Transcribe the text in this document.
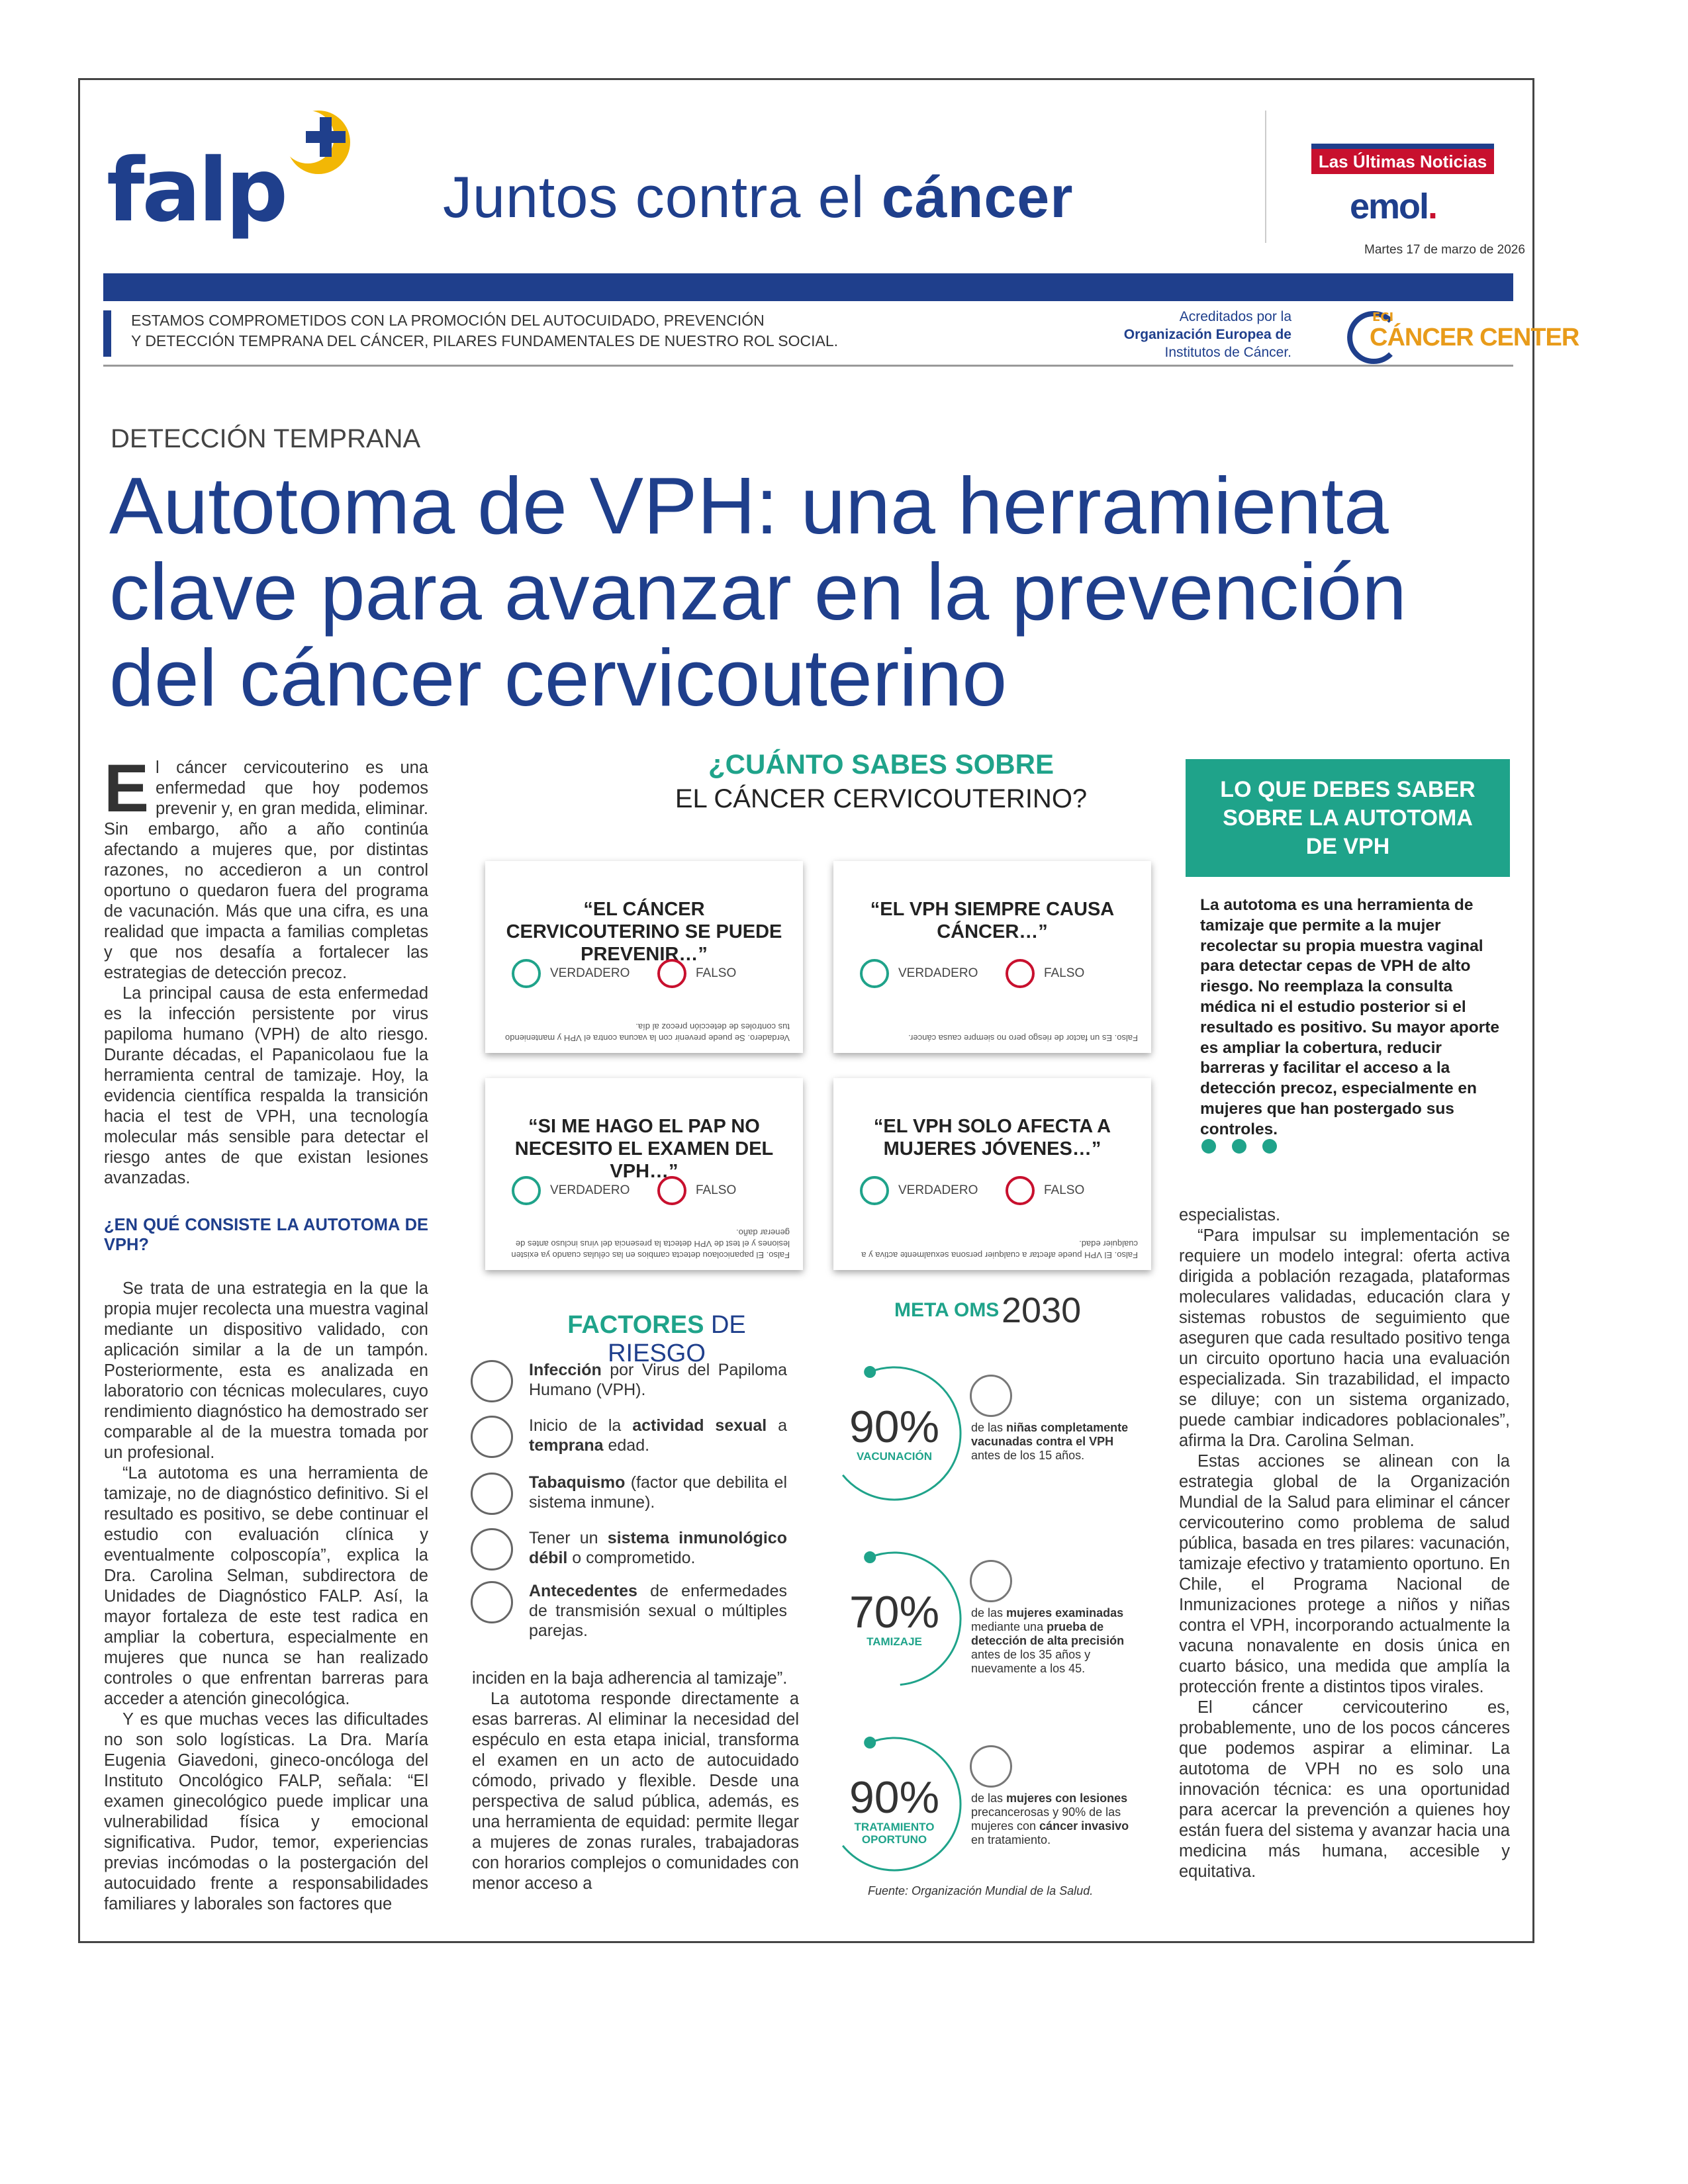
falp	Juntos contra el cáncer
Las Últimas Noticias
emol.
Martes 17 de marzo de 2026
ESTAMOS COMPROMETIDOS CON LA PROMOCIÓN DEL AUTOCUIDADO, PREVENCIÓN
Y DETECCIÓN TEMPRANA DEL CÁNCER, PILARES FUNDAMENTALES DE NUESTRO ROL SOCIAL.
Acreditados por la
Organización Europea de
Institutos de Cáncer.
ECI
CÁNCER CENTER
DETECCIÓN TEMPRANA
Autotoma de VPH: una herramienta clave para avanzar en la prevención del cáncer cervicouterino

El cáncer cervicouterino es una enfermedad que hoy podemos prevenir y, en gran medida, eliminar. Sin embargo, año a año continúa afectando a mujeres que, por distintas razones, no accedieron a un control oportuno o quedaron fuera del programa de vacunación. Más que una cifra, es una realidad que impacta a familias completas y que nos desafía a fortalecer las estrategias de detección precoz.

La principal causa de esta enfermedad es la infección persistente por virus papiloma humano (VPH) de alto riesgo. Durante décadas, el Papanicolaou fue la herramienta central de tamizaje. Hoy, la evidencia científica respalda la transición hacia el test de VPH, una tecnología molecular más sensible para detectar el riesgo antes de que existan lesiones avanzadas.

¿EN QUÉ CONSISTE LA AUTOTOMA DE VPH?

Se trata de una estrategia en la que la propia mujer recolecta una muestra vaginal mediante un dispositivo validado, con aplicación similar a la de un tampón. Posteriormente, esta es analizada en laboratorio con técnicas moleculares, cuyo rendimiento diagnóstico ha demostrado ser comparable al de la muestra tomada por un profesional.

“La autotoma es una herramienta de tamizaje, no de diagnóstico definitivo. Si el resultado es positivo, se debe continuar el estudio con evaluación clínica y eventualmente colposcopía”, explica la Dra. Carolina Selman, subdirectora de Unidades de Diagnóstico FALP. Así, la mayor fortaleza de este test radica en ampliar la cobertura, especialmente en mujeres que nunca se han realizado controles o que enfrentan barreras para acceder a atención ginecológica.

Y es que muchas veces las dificultades no son solo logísticas. La Dra. María Eugenia Giavedoni, gineco-oncóloga del Instituto Oncológico FALP, señala: “El examen ginecológico puede implicar una vulnerabilidad física y emocional significativa. Pudor, temor, experiencias previas incómodas o la postergación del autocuidado frente a responsabilidades familiares y laborales son factores que

inciden en la baja adherencia al tamizaje”.

La autotoma responde directamente a esas barreras. Al eliminar la necesidad del espéculo en esta etapa inicial, transforma el examen en un acto de autocuidado cómodo, privado y flexible. Desde una perspectiva de salud pública, además, es una herramienta de equidad: permite llegar a mujeres de zonas rurales, trabajadoras con horarios complejos o comunidades con menor acceso a

especialistas.

“Para impulsar su implementación se requiere un modelo integral: oferta activa dirigida a población rezagada, plataformas moleculares validadas, educación clara y sistemas robustos de seguimiento que aseguren que cada resultado positivo tenga un circuito oportuno hacia una evaluación especializada. Sin trazabilidad, el impacto se diluye; con un sistema organizado, puede cambiar indicadores poblacionales”, afirma la Dra. Carolina Selman.

Estas acciones se alinean con la estrategia global de la Organización Mundial de la Salud para eliminar el cáncer cervicouterino como problema de salud pública, basada en tres pilares: vacunación, tamizaje efectivo y tratamiento oportuno. En Chile, el Programa Nacional de Inmunizaciones protege a niños y niñas contra el VPH, incorporando actualmente la vacuna nonavalente en dosis única en cuarto básico, una medida que amplía la protección frente a distintos tipos virales.

El cáncer cervicouterino es, probablemente, uno de los pocos cánceres que podemos aspirar a eliminar. La autotoma de VPH no es solo una innovación técnica: es una oportunidad para acercar la prevención a quienes hoy están fuera del sistema y avanzar hacia una medicina más humana, accesible y equitativa.

¿CUÁNTO SABES SOBRE
EL CÁNCER CERVICOUTERINO?
“EL CÁNCER CERVICOUTERINO SE PUEDE PREVENIR…”
VERDADERO	FALSO
Verdadero. Se puede prevenir con la vacuna contra el VPH y manteniendo tus controles de detección precoz al día.
“EL VPH SIEMPRE CAUSA CÁNCER…”
VERDADERO	FALSO
Falso. Es un factor de riesgo pero no siempre causa cáncer.
“SI ME HAGO EL PAP NO NECESITO EL EXAMEN DEL VPH…”
VERDADERO	FALSO
Falso. El papanicolaou detecta cambios en las células cuando ya existen lesiones y el test de VPH detecta la presencia del virus incluso antes de generar daño.
“EL VPH SOLO AFECTA A MUJERES JÓVENES…”
VERDADERO	FALSO
Falso. El VPH puede afectar a cualquier persona sexualmente activa y a cualquier edad.
LO QUE DEBES SABER SOBRE LA AUTOTOMA DE VPH
La autotoma es una herramienta de tamizaje que permite a la mujer recolectar su propia muestra vaginal para detectar cepas de VPH de alto riesgo. No reemplaza la consulta médica ni el estudio posterior si el resultado es positivo. Su mayor aporte es ampliar la cobertura, reducir barreras y facilitar el acceso a la detección precoz, especialmente en mujeres que han postergado sus controles.
FACTORES DE RIESGO
Infección por Virus del Papiloma Humano (VPH).
Inicio de la actividad sexual a temprana edad.
Tabaquismo (factor que debilita el sistema inmune).
Tener un sistema inmunológico débil o comprometido.
Antecedentes de enfermedades de transmisión sexual o múltiples parejas.
META OMS 2030
90%
VACUNACIÓN
de las niñas completamente vacunadas contra el VPH antes de los 15 años.
70%
TAMIZAJE
de las mujeres examinadas mediante una prueba de detección de alta precisión antes de los 35 años y nuevamente a los 45.
90%
TRATAMIENTO OPORTUNO
de las mujeres con lesiones precancerosas y 90% de las mujeres con cáncer invasivo en tratamiento.
Fuente: Organización Mundial de la Salud.
